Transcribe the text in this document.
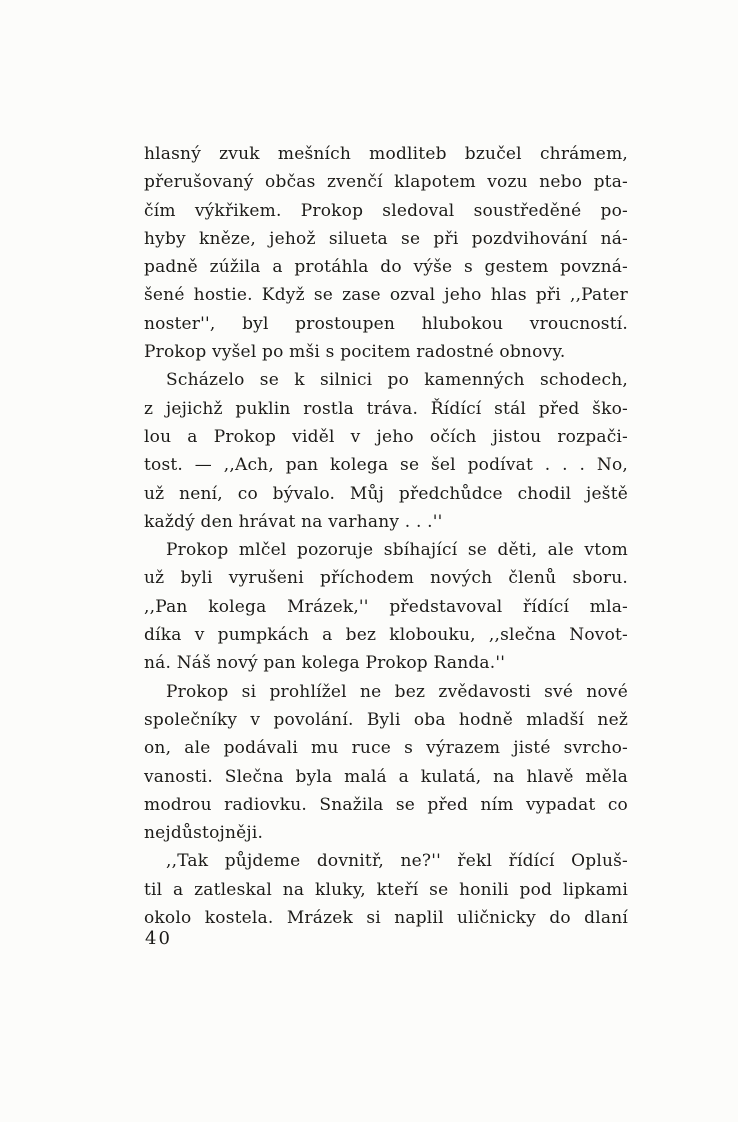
hlasný zvuk mešních modliteb bzučel chrámem,
přerušovaný občas zvenčí klapotem vozu nebo pta-
čím výkřikem. Prokop sledoval soustředěné po-
hyby kněze, jehož silueta se při pozdvihování ná-
padně zúžila a protáhla do výše s gestem povzná-
šené hostie. Když se zase ozval jeho hlas při ,,Pater
noster'', byl prostoupen hlubokou vroucností.
Prokop vyšel po mši s pocitem radostné obnovy.
Scházelo se k silnici po kamenných schodech,
z jejichž puklin rostla tráva. Řídící stál před ško-
lou a Prokop viděl v jeho očích jistou rozpači-
tost. — ,,Ach, pan kolega se šel podívat . . . No,
už není, co bývalo. Můj předchůdce chodil ještě
každý den hrávat na varhany . . .''
Prokop mlčel pozoruje sbíhající se děti, ale vtom
už byli vyrušeni příchodem nových členů sboru.
,,Pan kolega Mrázek,'' představoval řídící mla-
díka v pumpkách a bez klobouku, ,,slečna Novot-
ná. Náš nový pan kolega Prokop Randa.''
Prokop si prohlížel ne bez zvědavosti své nové
společníky v povolání. Byli oba hodně mladší než
on, ale podávali mu ruce s výrazem jisté svrcho-
vanosti. Slečna byla malá a kulatá, na hlavě měla
modrou radiovku. Snažila se před ním vypadat co
nejdůstojněji.
,,Tak půjdeme dovnitř, ne?'' řekl řídící Opluš-
til a zatleskal na kluky, kteří se honili pod lipkami
okolo kostela. Mrázek si naplil uličnicky do dlaní
40
